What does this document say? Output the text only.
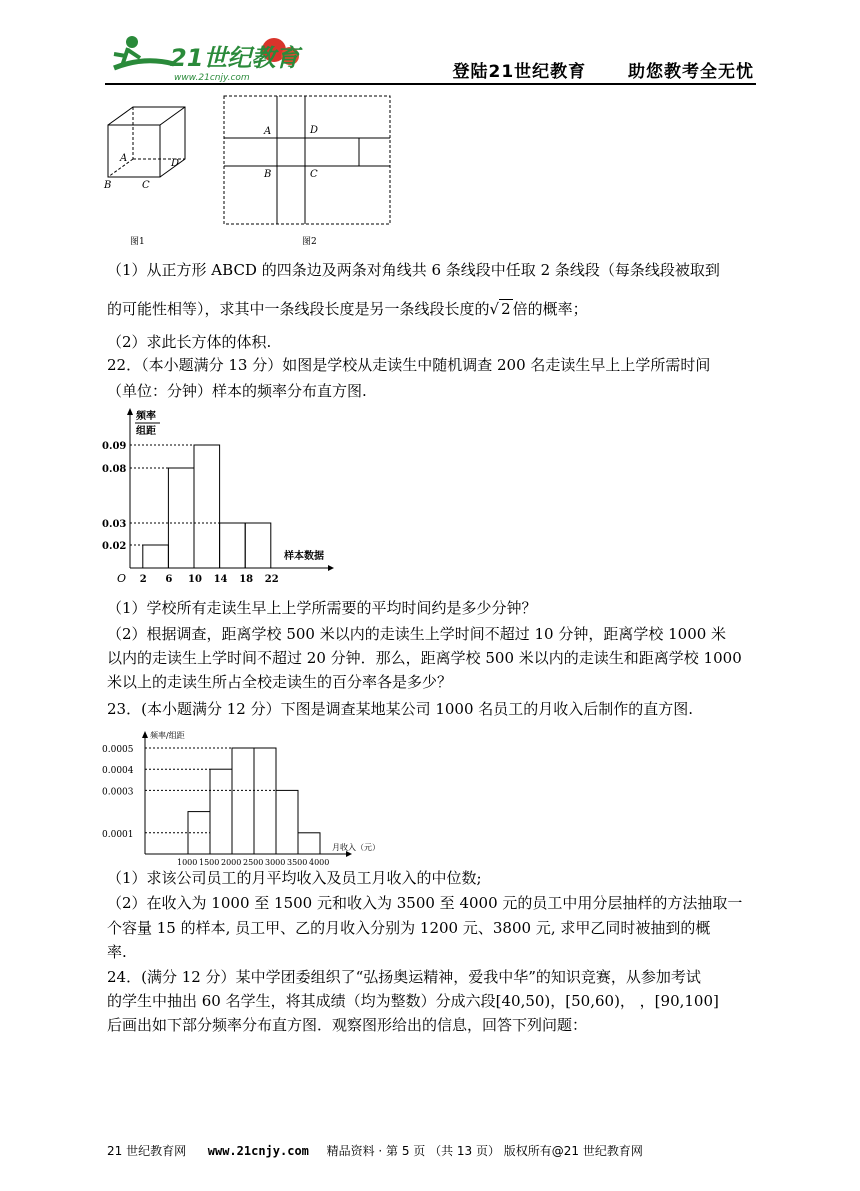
21世纪教育
www.21cnjy.com	登陆21世纪教育 助您教考全无忧
A
B	C
D
图1
A	D
B	C
图2
（1）从正方形 ABCD 的四条边及两条对角线共 6 条线段中任取 2 条线段（每条线段被取到
的可能性相等），求其中一条线段长度是另一条线段长度的√ 2 倍的概率；
（2）求此长方体的体积.
22．（本小题满分 13 分）如图是学校从走读生中随机调查 200 名走读生早上上学所需时间
（单位：分钟）样本的频率分布直方图.
O
频率
组距
样本数据
0.02
0.03
0.08
0.09
2 6 10 14 18 22
（1）学校所有走读生早上上学所需要的平均时间约是多少分钟？
（2）根据调查，距离学校 500 米以内的走读生上学时间不超过 10 分钟，距离学校 1000 米
以内的走读生上学时间不超过 20 分钟．那么，距离学校 500 米以内的走读生和距离学校 1000
米以上的走读生所占全校走读生的百分率各是多少？
23．(本小题满分 12 分）下图是调查某地某公司 1000 名员工的月收入后制作的直方图.
频率/组距
月收入（元）
0.0001
0.0003
0.0004
0.0005
1000 1500 2000 2500 3000 3500 4000
（1）求该公司员工的月平均收入及员工月收入的中位数;
（2）在收入为 1000 至 1500 元和收入为 3500 至 4000 元的员工中用分层抽样的方法抽取一
个容量 15 的样本, 员工甲、乙的月收入分别为 1200 元、3800 元, 求甲乙同时被抽到的概
率.
24．(满分 12 分）某中学团委组织了“弘扬奥运精神，爱我中华”的知识竞赛，从参加考试
的学生中抽出 60 名学生，将其成绩（均为整数）分成六段[40,50)，[50,60)， ，[90,100]
后画出如下部分频率分布直方图．观察图形给出的信息，回答下列问题：
21 世纪教育网 www.21cnjy.com 精品资料 · 第 5 页 （共 13 页） 版权所有@21 世纪教育网
